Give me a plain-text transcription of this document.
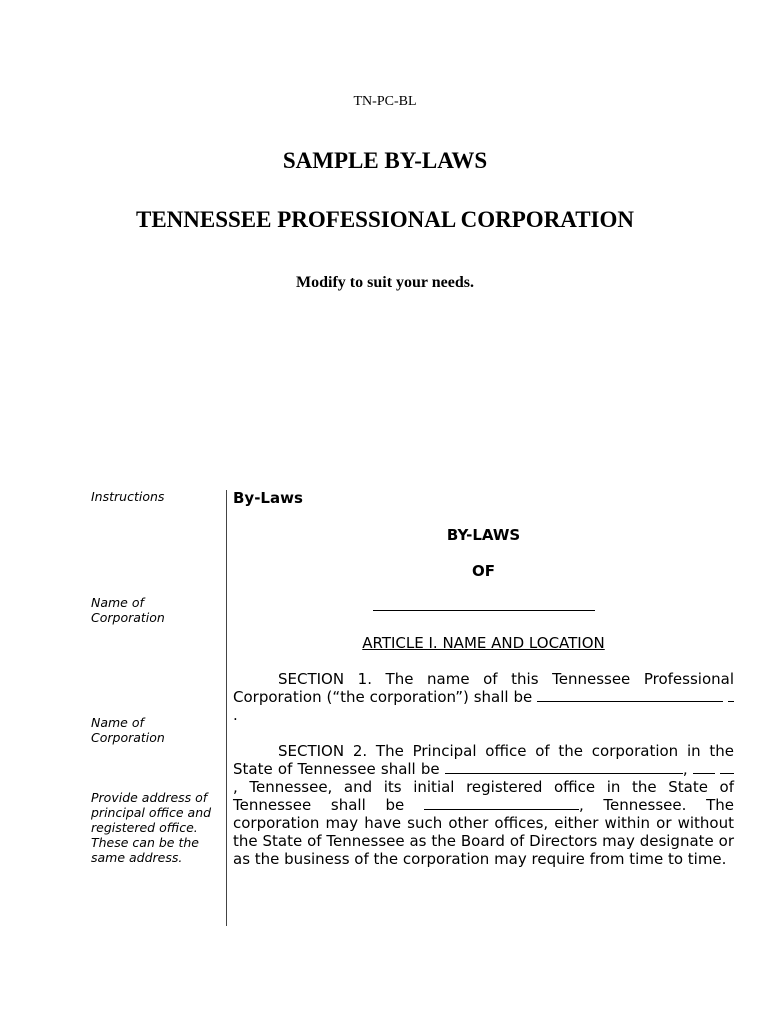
TN-PC-BL
SAMPLE BY-LAWS
TENNESSEE PROFESSIONAL CORPORATION
Modify to suit your needs.
Instructions
Name of Corporation
Name of Corporation
Provide address of principal office and registered office. These can be the same address.
By-Laws
BY-LAWS
OF
ARTICLE I. NAME AND LOCATION
SECTION 1. The name of this Tennessee Professional Corporation (“the corporation”) shall be  .
SECTION 2. The Principal office of the corporation in the State of Tennessee shall be	,  , Tennessee, and its initial registered office in the State of Tennessee shall be	, Tennessee. The corporation may have such other offices, either within or without the State of Tennessee as the Board of Directors may designate or as the business of the corporation may require from time to time.
